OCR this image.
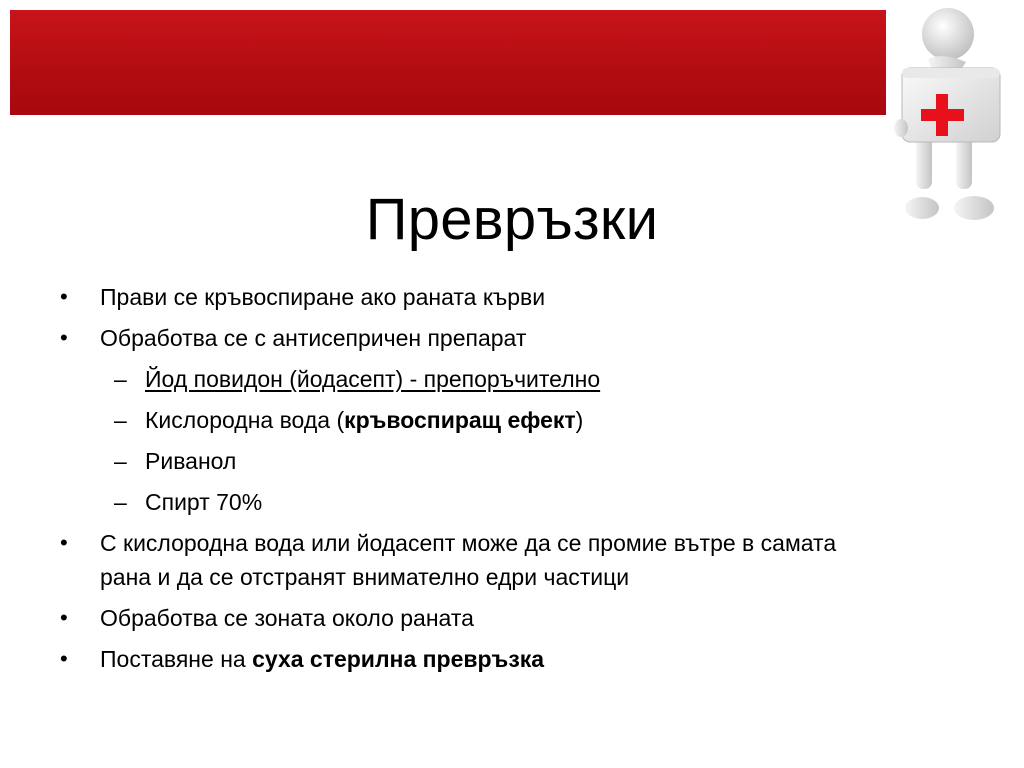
Превръзки
• Прави се кръвоспиране ако раната кърви
• Обработва се с антисепричен препарат
– Йод повидон (йодасепт) - препоръчително
– Кислородна вода (кръвоспиращ ефект)
– Риванол
– Спирт 70%
• С кислородна вода или йодасепт може да се промие вътре в самата
рана и да се отстранят внимателно едри частици
• Обработва се зоната около раната
• Поставяне на суха стерилна превръзка
